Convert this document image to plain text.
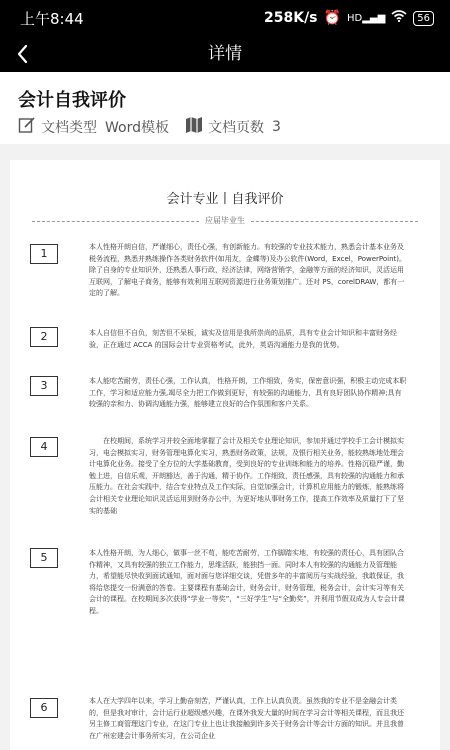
上午8:44	258K/s ⏰ HD▂▄▆	56
详情
会计自我评价
文档类型 Word模板	文档页数 3
会计专业丨自我评价
应届毕业生
1	本人性格开朗自信，严谨细心，责任心强，有创新能力。有较强的专业技术能力，熟悉会计基本业务及税务流程，熟悉并熟练操作各类财务软件(如用友，金蝶等)及办公软件(Word，Excel，PowerPoint)。除了自身的专业知识外，还熟悉人事行政，经济法律，网络营销学，金融等方面的经济知识，灵活运用互联网，了解电子商务，能够有效利用互联网资源进行业务策划推广。还对 PS，corelDRAW，都有一定的了解。
2	本人自信但不自负，刻苦但不呆板，诚实及信用是我所崇尚的品质，具有专业会计知识和丰富财务经验，正在通过 ACCA 的国际会计专业资格考试，此外，英语沟通能力是我的优势。
3	本人能吃苦耐劳，责任心强，工作认真， 性格开朗，工作细致，务实，保密意识强，积极主动完成本职工作，学习和适应能力强,竭尽全力把工作做到更好，有较强的沟通能力，具有良好团队协作精神;具有较强的亲和力、协调沟通能力强，能够建立良好的合作氛围和客户关系。
4	在校期间，系统学习并较全面地掌握了会计及相关专业理论知识，参加并通过学校手工会计模拟实习，电会模拟实习，财务管理电算化实习，熟悉财务政策，法规，及银行相关业务，能较熟练地处理会计电算化业务。接受了全方位的大学基础教育，受到良好的专业训练和能力的培养。性格沉稳严谨，勤勉上进，自信乐观，开朗豁达，善于沟通，精于协作。工作细致，责任感强，具有较强的沟通能力和承压能力。在社会实践中，结合专业特点及工作实际，自觉加强会计，计算机应用能力的锻炼，能熟练将会计相关专业理论知识灵活运用到财务办公中，为更好地从事财务工作，提高工作效率及质量打下了坚实的基础
5	本人性格开朗，为人细心，做事一丝不苟，能吃苦耐劳，工作脚踏实地，有较强的责任心，具有团队合作精神，又具有较强的独立工作能力，思维活跃，能独挡一面。同时本人有较强的沟通能力及管理能力，希望能尽快收到面试通知，面对面与您详细交谈，凭借多年的丰富阅历与实战经验，我敢保证，我将给您提交一份满意的答卷。主要课程有基础会计，财务会计，财务管理，税务会计，会计实习等有关会计的课程。在校期间多次获得“学业一等奖”，“三好学生”与“全勤奖”，并利用节假双成为人专会计课程。
6	本人在大学四年以来，学习上勤奋刻苦，严谨认真，工作上认真负责。虽然我的专业不是金融会计类的，但是我对审计，会计运行业超级感兴趣，在课外我发大量的时间在学习会计等相关课程，而且我还另主修工商管理这门专业，在这门专业上也让我接触到许多关于财务会计等会计方面的知识。并且我曾在广州宏建会计事务所实习，在公司企业
